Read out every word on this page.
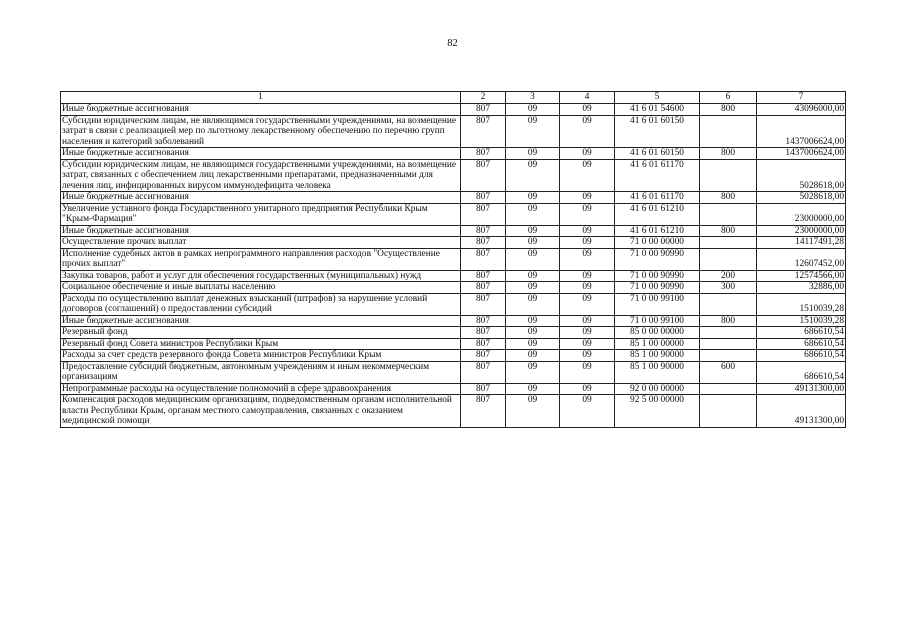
82
1	2	3	4	5	6	7
Иные бюджетные ассигнования	807	09	09	41 6 01 54600	800	43096000,00
Субсидии юридическим лицам, не являющимся государственными учреждениями, на возмещение затрат в связи с реализацией мер по льготному лекарственному обеспечению по перечню групп населения и категорий заболеваний	807	09	09	41 6 01 60150		1437006624,00
Иные бюджетные ассигнования	807	09	09	41 6 01 60150	800	1437006624,00
Субсидии юридическим лицам, не являющимся государственными учреждениями, на возмещение затрат, связанных с обеспечением лиц лекарственными препаратами, предназначенными для лечения лиц, инфицированных вирусом иммунодефицита человека	807	09	09	41 6 01 61170		5028618,00
Иные бюджетные ассигнования	807	09	09	41 6 01 61170	800	5028618,00
Увеличение уставного фонда Государственного унитарного предприятия Республики Крым "Крым-Фармация"	807	09	09	41 6 01 61210		23000000,00
Иные бюджетные ассигнования	807	09	09	41 6 01 61210	800	23000000,00
Осуществление прочих выплат	807	09	09	71 0 00 00000		14117491,28
Исполнение судебных актов в рамках непрограммного направления расходов "Осуществление прочих выплат"	807	09	09	71 0 00 90990		12607452,00
Закупка товаров, работ и услуг для обеспечения государственных (муниципальных) нужд	807	09	09	71 0 00 90990	200	12574566,00
Социальное обеспечение и иные выплаты населению	807	09	09	71 0 00 90990	300	32886,00
Расходы по осуществлению выплат денежных взысканий (штрафов) за нарушение условий договоров (соглашений) о предоставлении субсидий	807	09	09	71 0 00 99100		1510039,28
Иные бюджетные ассигнования	807	09	09	71 0 00 99100	800	1510039,28
Резервный фонд	807	09	09	85 0 00 00000		686610,54
Резервный фонд Совета министров Республики Крым	807	09	09	85 1 00 00000		686610,54
Расходы за счет средств резервного фонда Совета министров Республики Крым	807	09	09	85 1 00 90000		686610,54
Предоставление субсидий бюджетным, автономным учреждениям и иным некоммерческим организациям	807	09	09	85 1 00 90000	600	686610,54
Непрограммные расходы на осуществление полномочий в сфере здравоохранения	807	09	09	92 0 00 00000		49131300,00
Компенсация расходов медицинским организациям, подведомственным органам исполнительной власти Республики Крым, органам местного самоуправления, связанных с оказанием медицинской помощи	807	09	09	92 5 00 00000		49131300,00
